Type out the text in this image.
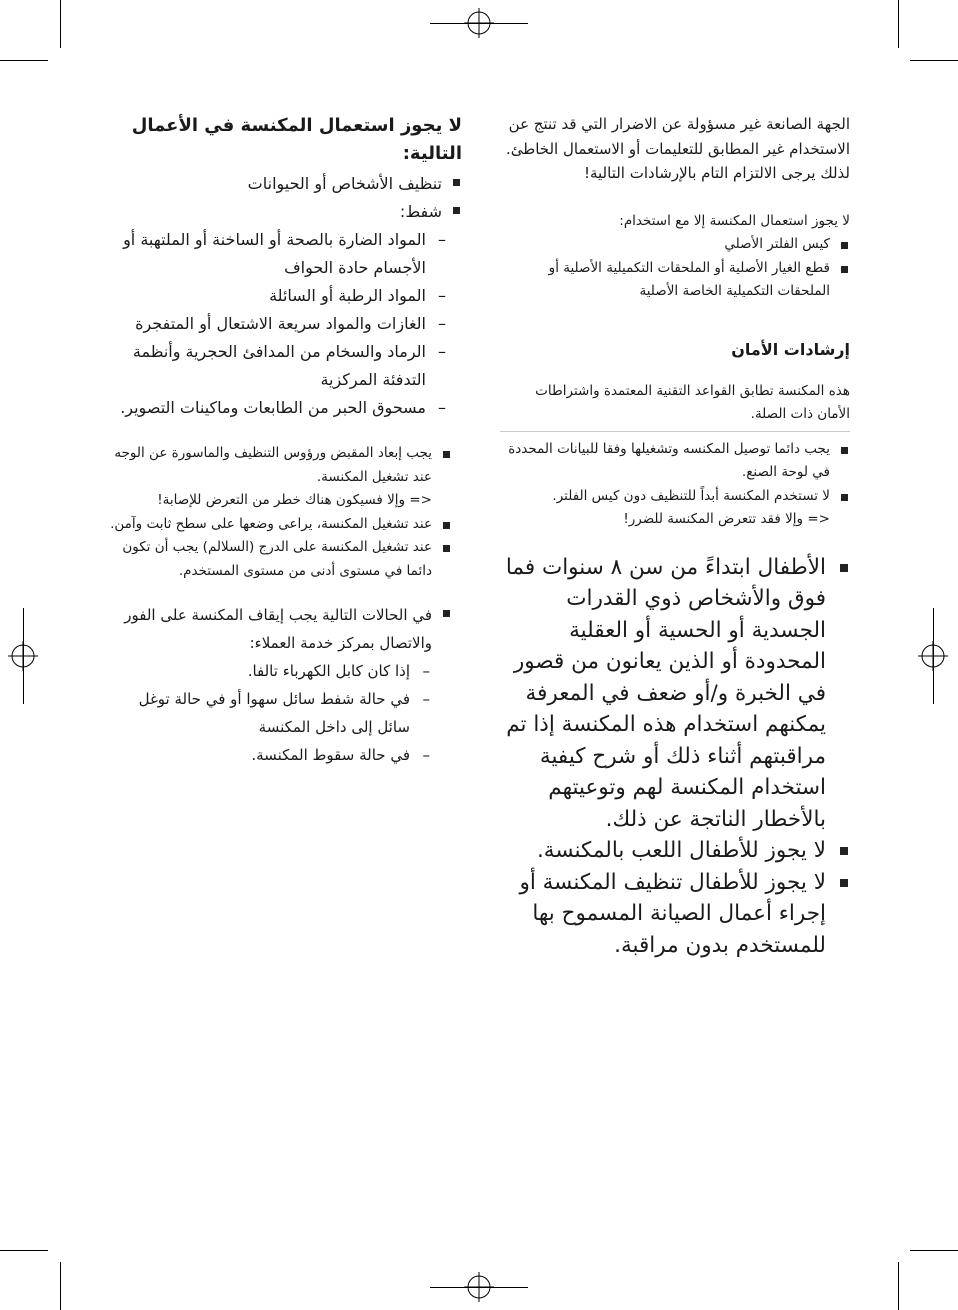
الجهة الصانعة غير مسؤولة عن الاضرار التي قد تنتج عن الاستخدام غير المطابق للتعليمات أو الاستعمال الخاطئ. لذلك يرجى الالتزام التام بالإرشادات التالية!

لا يجوز استعمال المكنسة إلا مع استخدام:

كيس الفلتر الأصلي
قطع الغيار الأصلية أو الملحقات التكميلية الأصلية أو الملحقات التكميلية الخاصة الأصلية

إرشادات الأمان

هذه المكنسة تطابق القواعد التقنية المعتمدة واشتراطات الأمان ذات الصلة.

يجب دائما توصيل المكنسه وتشغيلها وفقا للبيانات المحددة في لوحة الصنع.
لا تستخدم المكنسة أبداً للتنظيف دون كيس الفلتر.

<= وإلا فقد تتعرض المكنسة للضرر!

الأطفال ابتداءً من سن ٨ سنوات فما فوق والأشخاص ذوي القدرات الجسدية أو الحسية أو العقلية المحدودة أو الذين يعانون من قصور في الخبرة و/أو ضعف في المعرفة يمكنهم استخدام هذه المكنسة إذا تم مراقبتهم أثناء ذلك أو شرح كيفية استخدام المكنسة لهم وتوعيتهم بالأخطار الناتجة عن ذلك.
لا يجوز للأطفال اللعب بالمكنسة.
لا يجوز للأطفال تنظيف المكنسة أو إجراء أعمال الصيانة المسموح بها للمستخدم بدون مراقبة.

لا يجوز استعمال المكنسة في الأعمال التالية:

تنظيف الأشخاص أو الحيوانات
شفط:
– المواد الضارة بالصحة أو الساخنة أو الملتهبة أو الأجسام حادة الحواف
– المواد الرطبة أو السائلة
– الغازات والمواد سريعة الاشتعال أو المتفجرة
– الرماد والسخام من المدافئ الحجرية وأنظمة التدفئة المركزية
– مسحوق الحبر من الطابعات وماكينات التصوير.
يجب إبعاد المقبض ورؤوس التنظيف والماسورة عن الوجه عند تشغيل المكنسة.
<= وإلا فسيكون هناك خطر من التعرض للإصابة!
عند تشغيل المكنسة، يراعى وضعها على سطح ثابت وآمن.
عند تشغيل المكنسة على الدرج (السلالم) يجب أن تكون دائما في مستوى أدنى من مستوى المستخدم.
في الحالات التالية يجب إيقاف المكنسة على الفور والاتصال بمركز خدمة العملاء:
– إذا كان كابل الكهرباء تالفا.
– في حالة شفط سائل سهوا أو في حالة توغل سائل إلى داخل المكنسة
– في حالة سقوط المكنسة.
